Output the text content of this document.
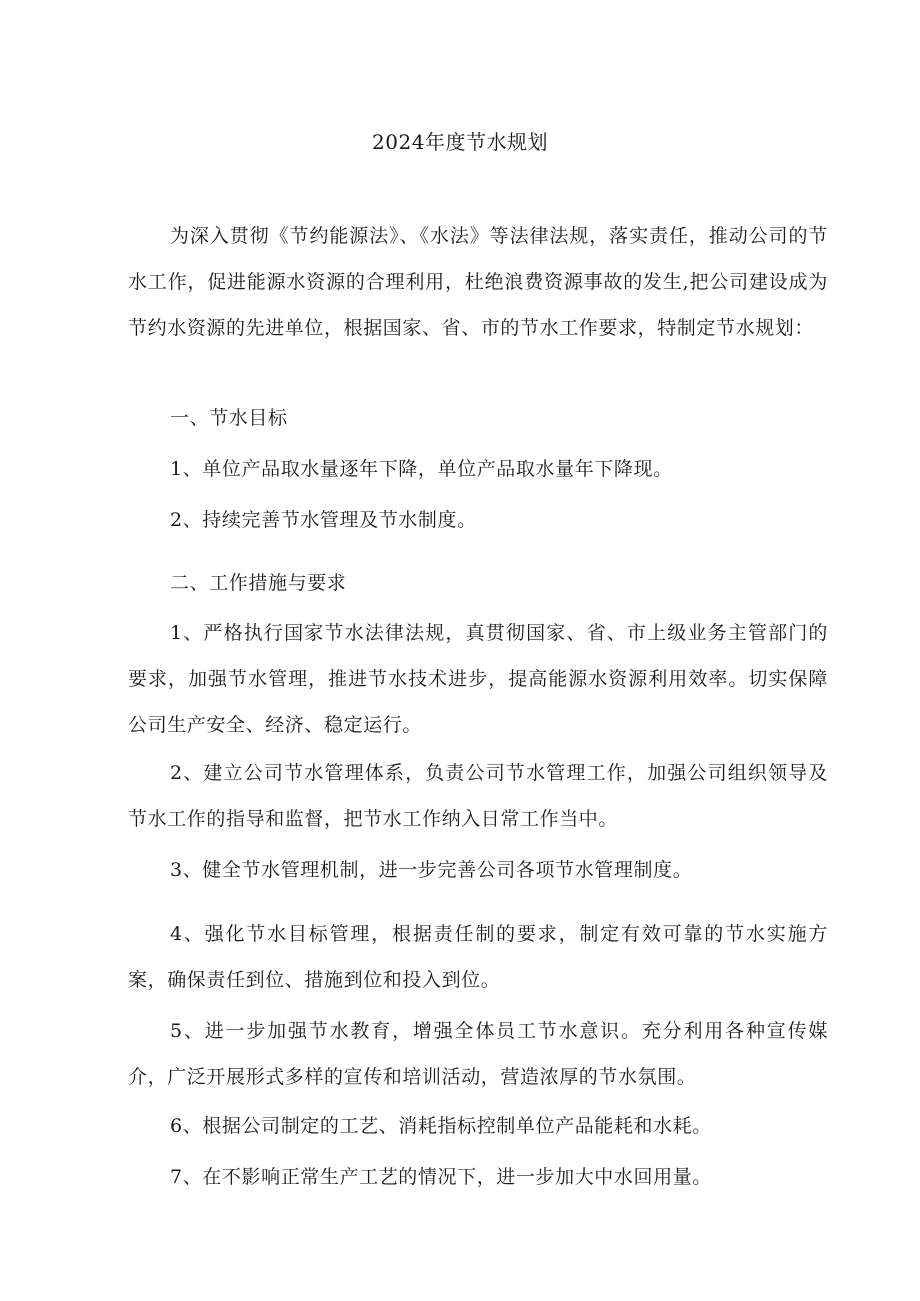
2024年度节水规划

为深入贯彻《节约能源法》、《水法》等法律法规，落实责任，推动公司的节水工作，促进能源水资源的合理利用，杜绝浪费资源事故的发生,把公司建设成为节约水资源的先进单位，根据国家、省、市的节水工作要求，特制定节水规划：

一、节水目标

1、单位产品取水量逐年下降，单位产品取水量年下降现。

2、持续完善节水管理及节水制度。

二、工作措施与要求

1、严格执行国家节水法律法规，真贯彻国家、省、市上级业务主管部门的要求，加强节水管理，推进节水技术进步，提高能源水资源利用效率。切实保障公司生产安全、经济、稳定运行。

2、建立公司节水管理体系，负责公司节水管理工作，加强公司组织领导及节水工作的指导和监督，把节水工作纳入日常工作当中。

3、健全节水管理机制，进一步完善公司各项节水管理制度。

4、强化节水目标管理，根据责任制的要求，制定有效可靠的节水实施方案，确保责任到位、措施到位和投入到位。

5、进一步加强节水教育，增强全体员工节水意识。充分利用各种宣传媒介，广泛开展形式多样的宣传和培训活动，营造浓厚的节水氛围。

6、根据公司制定的工艺、消耗指标控制单位产品能耗和水耗。

7、在不影响正常生产工艺的情况下，进一步加大中水回用量。
